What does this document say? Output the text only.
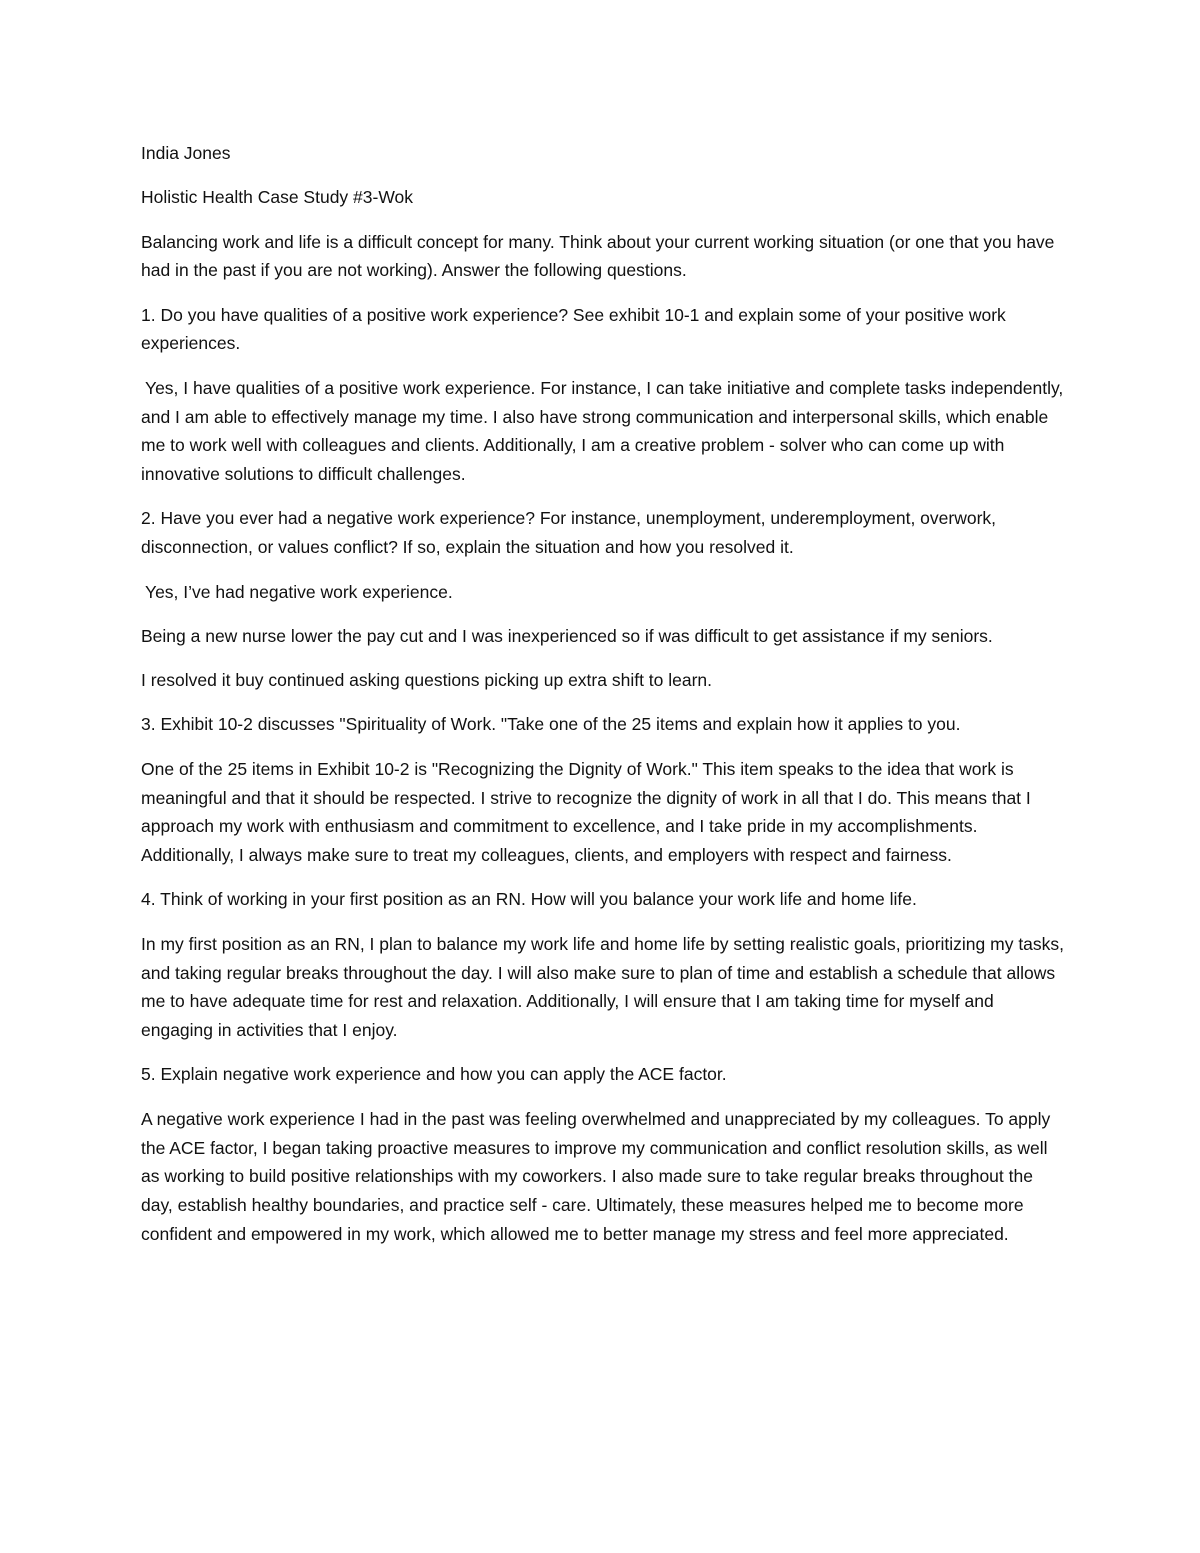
India Jones

Holistic Health Case Study #3-Wok

Balancing work and life is a difficult concept for many. Think about your current working situation (or one that you have had in the past if you are not working). Answer the following questions.

1. Do you have qualities of a positive work experience? See exhibit 10-1 and explain some of your positive work experiences.

Yes, I have qualities of a positive work experience. For instance, I can take initiative and complete tasks independently, and I am able to effectively manage my time. I also have strong communication and interpersonal skills, which enable me to work well with colleagues and clients. Additionally, I am a creative problem - solver who can come up with innovative solutions to difficult challenges.

2. Have you ever had a negative work experience? For instance, unemployment, underemployment, overwork, disconnection, or values conflict? If so, explain the situation and how you resolved it.

Yes, I’ve had negative work experience.

Being a new nurse lower the pay cut and I was inexperienced so if was difficult to get assistance if my seniors.

I resolved it buy continued asking questions picking up extra shift to learn.

3. Exhibit 10-2 discusses "Spirituality of Work. "Take one of the 25 items and explain how it applies to you.

One of the 25 items in Exhibit 10-2 is "Recognizing the Dignity of Work." This item speaks to the idea that work is meaningful and that it should be respected. I strive to recognize the dignity of work in all that I do. This means that I approach my work with enthusiasm and commitment to excellence, and I take pride in my accomplishments. Additionally, I always make sure to treat my colleagues, clients, and employers with respect and fairness.

4. Think of working in your first position as an RN. How will you balance your work life and home life.

In my first position as an RN, I plan to balance my work life and home life by setting realistic goals, prioritizing my tasks, and taking regular breaks throughout the day. I will also make sure to plan of time and establish a schedule that allows me to have adequate time for rest and relaxation. Additionally, I will ensure that I am taking time for myself and engaging in activities that I enjoy.

5. Explain negative work experience and how you can apply the ACE factor.

A negative work experience I had in the past was feeling overwhelmed and unappreciated by my colleagues. To apply the ACE factor, I began taking proactive measures to improve my communication and conflict resolution skills, as well as working to build positive relationships with my coworkers. I also made sure to take regular breaks throughout the day, establish healthy boundaries, and practice self - care. Ultimately, these measures helped me to become more confident and empowered in my work, which allowed me to better manage my stress and feel more appreciated.
